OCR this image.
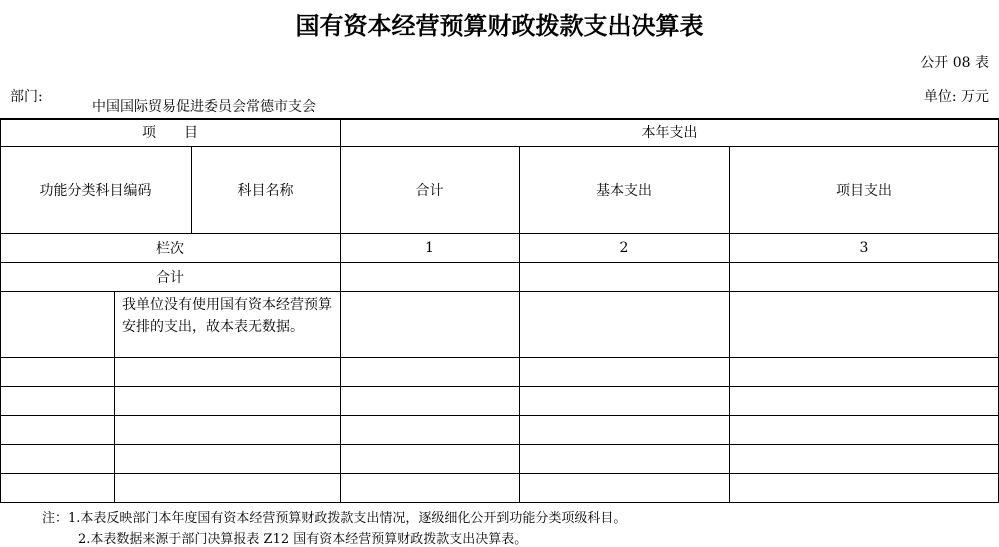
国有资本经营预算财政拨款支出决算表
公开 08 表
部门:
中国国际贸易促进委员会常德市支会
单位: 万元
项　　目	本年支出
功能分类科目编码	科目名称	合计	基本支出	项目支出
栏次	1	2	3
合计
我单位没有使用国有资本经营预算安排的支出，故本表无数据。
注：1.本表反映部门本年度国有资本经营预算财政拨款支出情况，逐级细化公开到功能分类项级科目。
2.本表数据来源于部门决算报表 Z12 国有资本经营预算财政拨款支出决算表。
